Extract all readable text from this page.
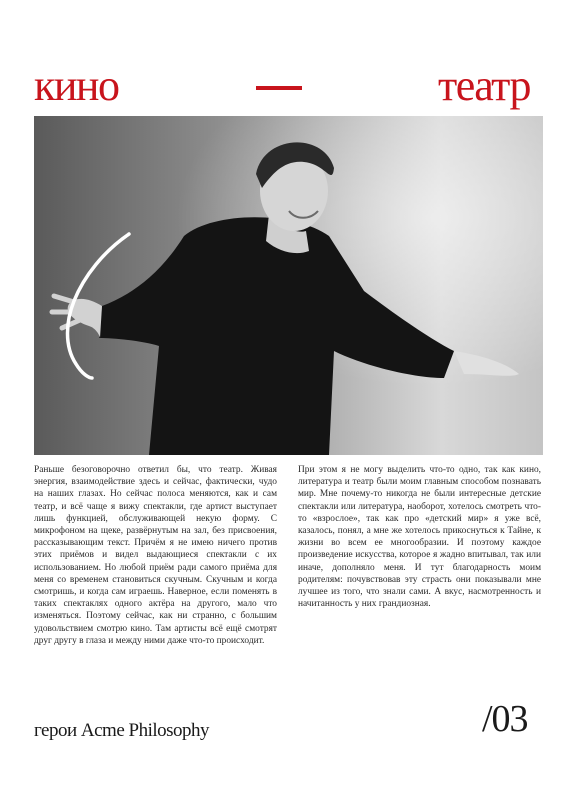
кино	театр

Раньше безоговорочно ответил бы, что театр. Живая энергия, взаимодействие здесь и сейчас, фактически, чудо на наших глазах. Но сейчас полоса меняются, как и сам театр, и всё чаще я вижу спектакли, где артист выступает лишь функцией, обслуживающей некую форму. С микрофоном на щеке, развёрнутым на зал, без присвоения, рассказывающим текст. Причём я не имею ничего против этих приёмов и видел выдающиеся спектакли с их использованием. Но любой приём ради самого приёма для меня со временем становиться скучным. Скучным и когда смотришь, и когда сам играешь. Наверное, если поменять в таких спектаклях одного актёра на другого, мало что изменяться. Поэтому сейчас, как ни странно, с большим удовольствием смотрю кино. Там артисты всё ещё смотрят друг другу в глаза и между ними даже что-то происходит.

При этом я не могу выделить что-то одно, так как кино, литература и театр были моим главным способом познавать мир. Мне почему-то никогда не были интересные детские спектакли или литература, наоборот, хотелось смотреть что-то «взрослое», так как про «детский мир» я уже всё, казалось, понял, а мне же хотелось прикоснуться к Тайне, к жизни во всем ее многообразии. И поэтому каждое произведение искусства, которое я жадно впитывал, так или иначе, дополняло меня. И тут благодарность моим родителям: почувствовав эту страсть они показывали мне лучшее из того, что знали сами. А вкус, насмотренность и начитанность у них грандиозная.

герои Acme Philosophy	/03
